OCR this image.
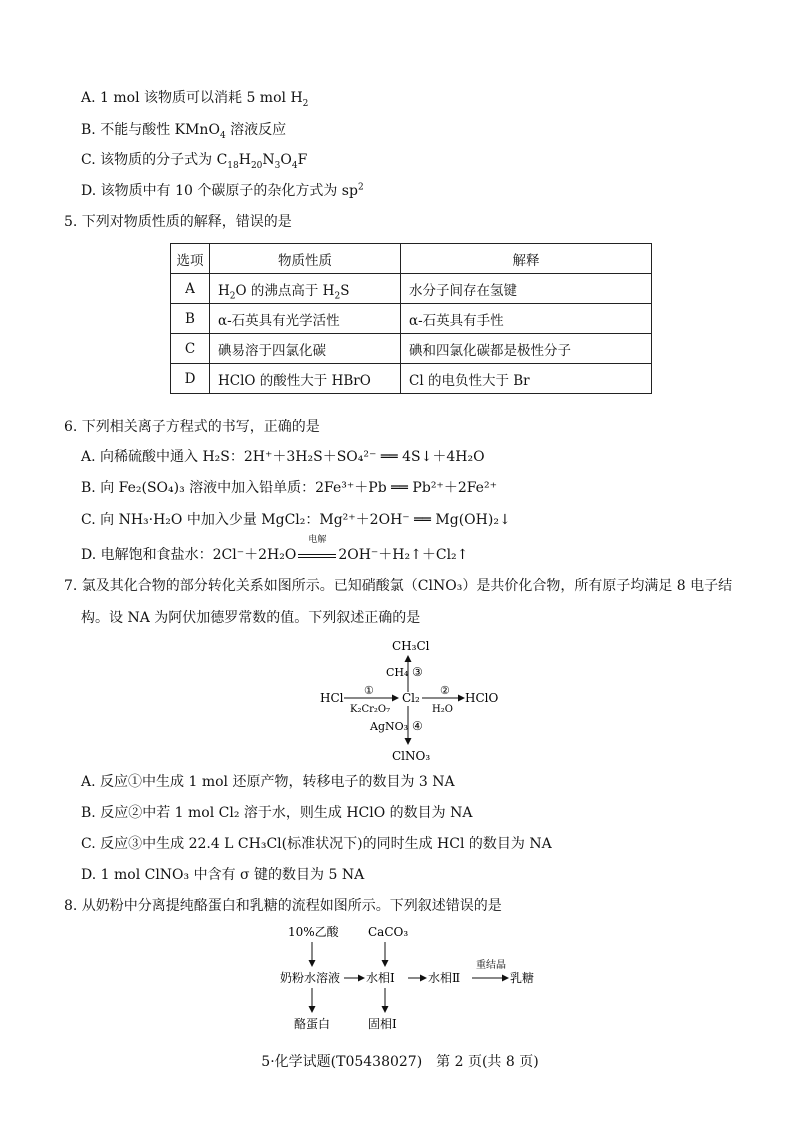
A. 1 mol 该物质可以消耗 5 mol $H_2$
B. 不能与酸性 KMnO$_4$ 溶液反应
C. 该物质的分子式为 $C_{18}H_{20}N_3O_4F$
D. 该物质中有 10 个碳原子的杂化方式为 $sp^2$
5. 下列对物质性质的解释，错误的是
选项	物质性质	解释
A	$H_2O$ 的沸点高于 $H_2S$	水分子间存在氢键
B	α-石英具有光学活性	α-石英具有手性
C	碘易溶于四氯化碳	碘和四氯化碳都是极性分子
D	HClO 的酸性大于 HBrO	Cl 的电负性大于 Br
6. 下列相关离子方程式的书写，正确的是
A. 向稀硫酸中通入 H₂S：2H⁺＋3H₂S＋SO₄²⁻ ══ 4S↓＋4H₂O
B. 向 Fe₂(SO₄)₃ 溶液中加入铅单质：2Fe³⁺＋Pb ══ Pb²⁺＋2Fe²⁺
C. 向 NH₃·H₂O 中加入少量 MgCl₂：Mg²⁺＋2OH⁻ ══ Mg(OH)₂↓
D. 电解饱和食盐水：2Cl⁻＋2H₂O
电解
2OH⁻＋H₂↑＋Cl₂↑
7. 氯及其化合物的部分转化关系如图所示。已知硝酸氯（ClNO₃）是共价化合物，所有原子均满足 8 电子结
构。设 NA 为阿伏加德罗常数的值。下列叙述正确的是
CH₃Cl
CH₄ ③
HCl
①
K₂Cr₂O₇
Cl₂
②
H₂O
HClO
AgNO₃ ④
ClNO₃
A. 反应①中生成 1 mol 还原产物，转移电子的数目为 3 NA
B. 反应②中若 1 mol Cl₂ 溶于水，则生成 HClO 的数目为 NA
C. 反应③中生成 22.4 L CH₃Cl(标准状况下)的同时生成 HCl 的数目为 NA
D. 1 mol ClNO₃ 中含有 σ 键的数目为 5 NA
8. 从奶粉中分离提纯酪蛋白和乳糖的流程如图所示。下列叙述错误的是
10%乙酸 CaCO₃
奶粉水溶液 水相Ⅰ	水相Ⅱ
重结晶
乳糖
酪蛋白	固相Ⅰ
5·化学试题(T05438027)　第 2 页(共 8 页)
